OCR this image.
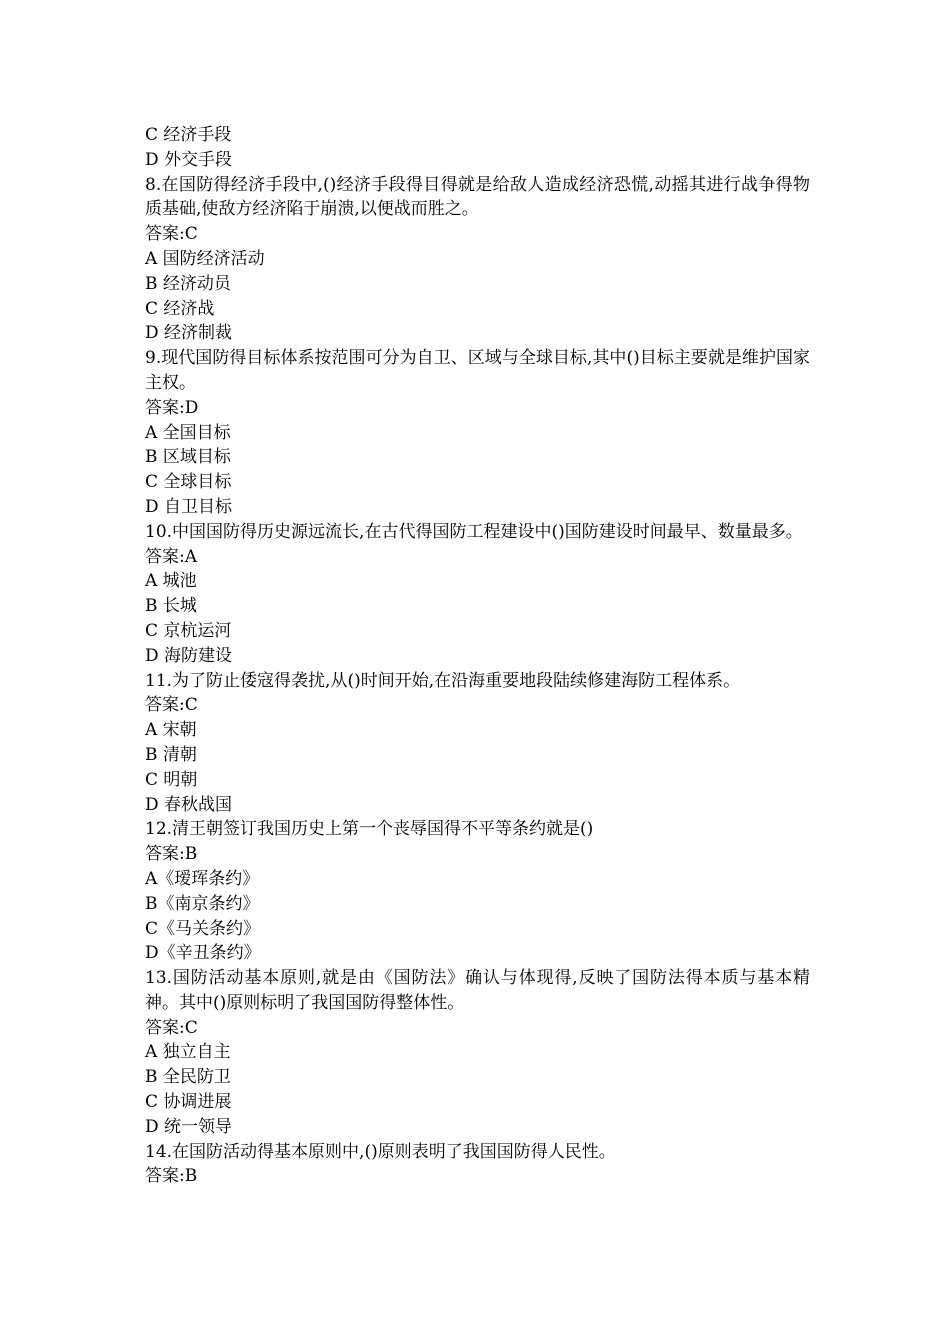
C 经济手段

D 外交手段

8.在国防得经济手段中,()经济手段得目得就是给敌人造成经济恐慌,动摇其进行战争得物质基础,使敌方经济陷于崩溃,以便战而胜之。

答案:C

A 国防经济活动

B 经济动员

C 经济战

D 经济制裁

9.现代国防得目标体系按范围可分为自卫、区域与全球目标,其中()目标主要就是维护国家主权。

答案:D

A 全国目标

B 区域目标

C 全球目标

D 自卫目标

10.中国国防得历史源远流长,在古代得国防工程建设中()国防建设时间最早、数量最多。

答案:A

A 城池

B 长城

C 京杭运河

D 海防建设

11.为了防止倭寇得袭扰,从()时间开始,在沿海重要地段陆续修建海防工程体系。

答案:C

A 宋朝

B 清朝

C 明朝

D 春秋战国

12.清王朝签订我国历史上第一个丧辱国得不平等条约就是()

答案:B

A《瑷珲条约》

B《南京条约》

C《马关条约》

D《辛丑条约》

13.国防活动基本原则,就是由《国防法》确认与体现得,反映了国防法得本质与基本精神。其中()原则标明了我国国防得整体性。

答案:C

A 独立自主

B 全民防卫

C 协调进展

D 统一领导

14.在国防活动得基本原则中,()原则表明了我国国防得人民性。

答案:B
